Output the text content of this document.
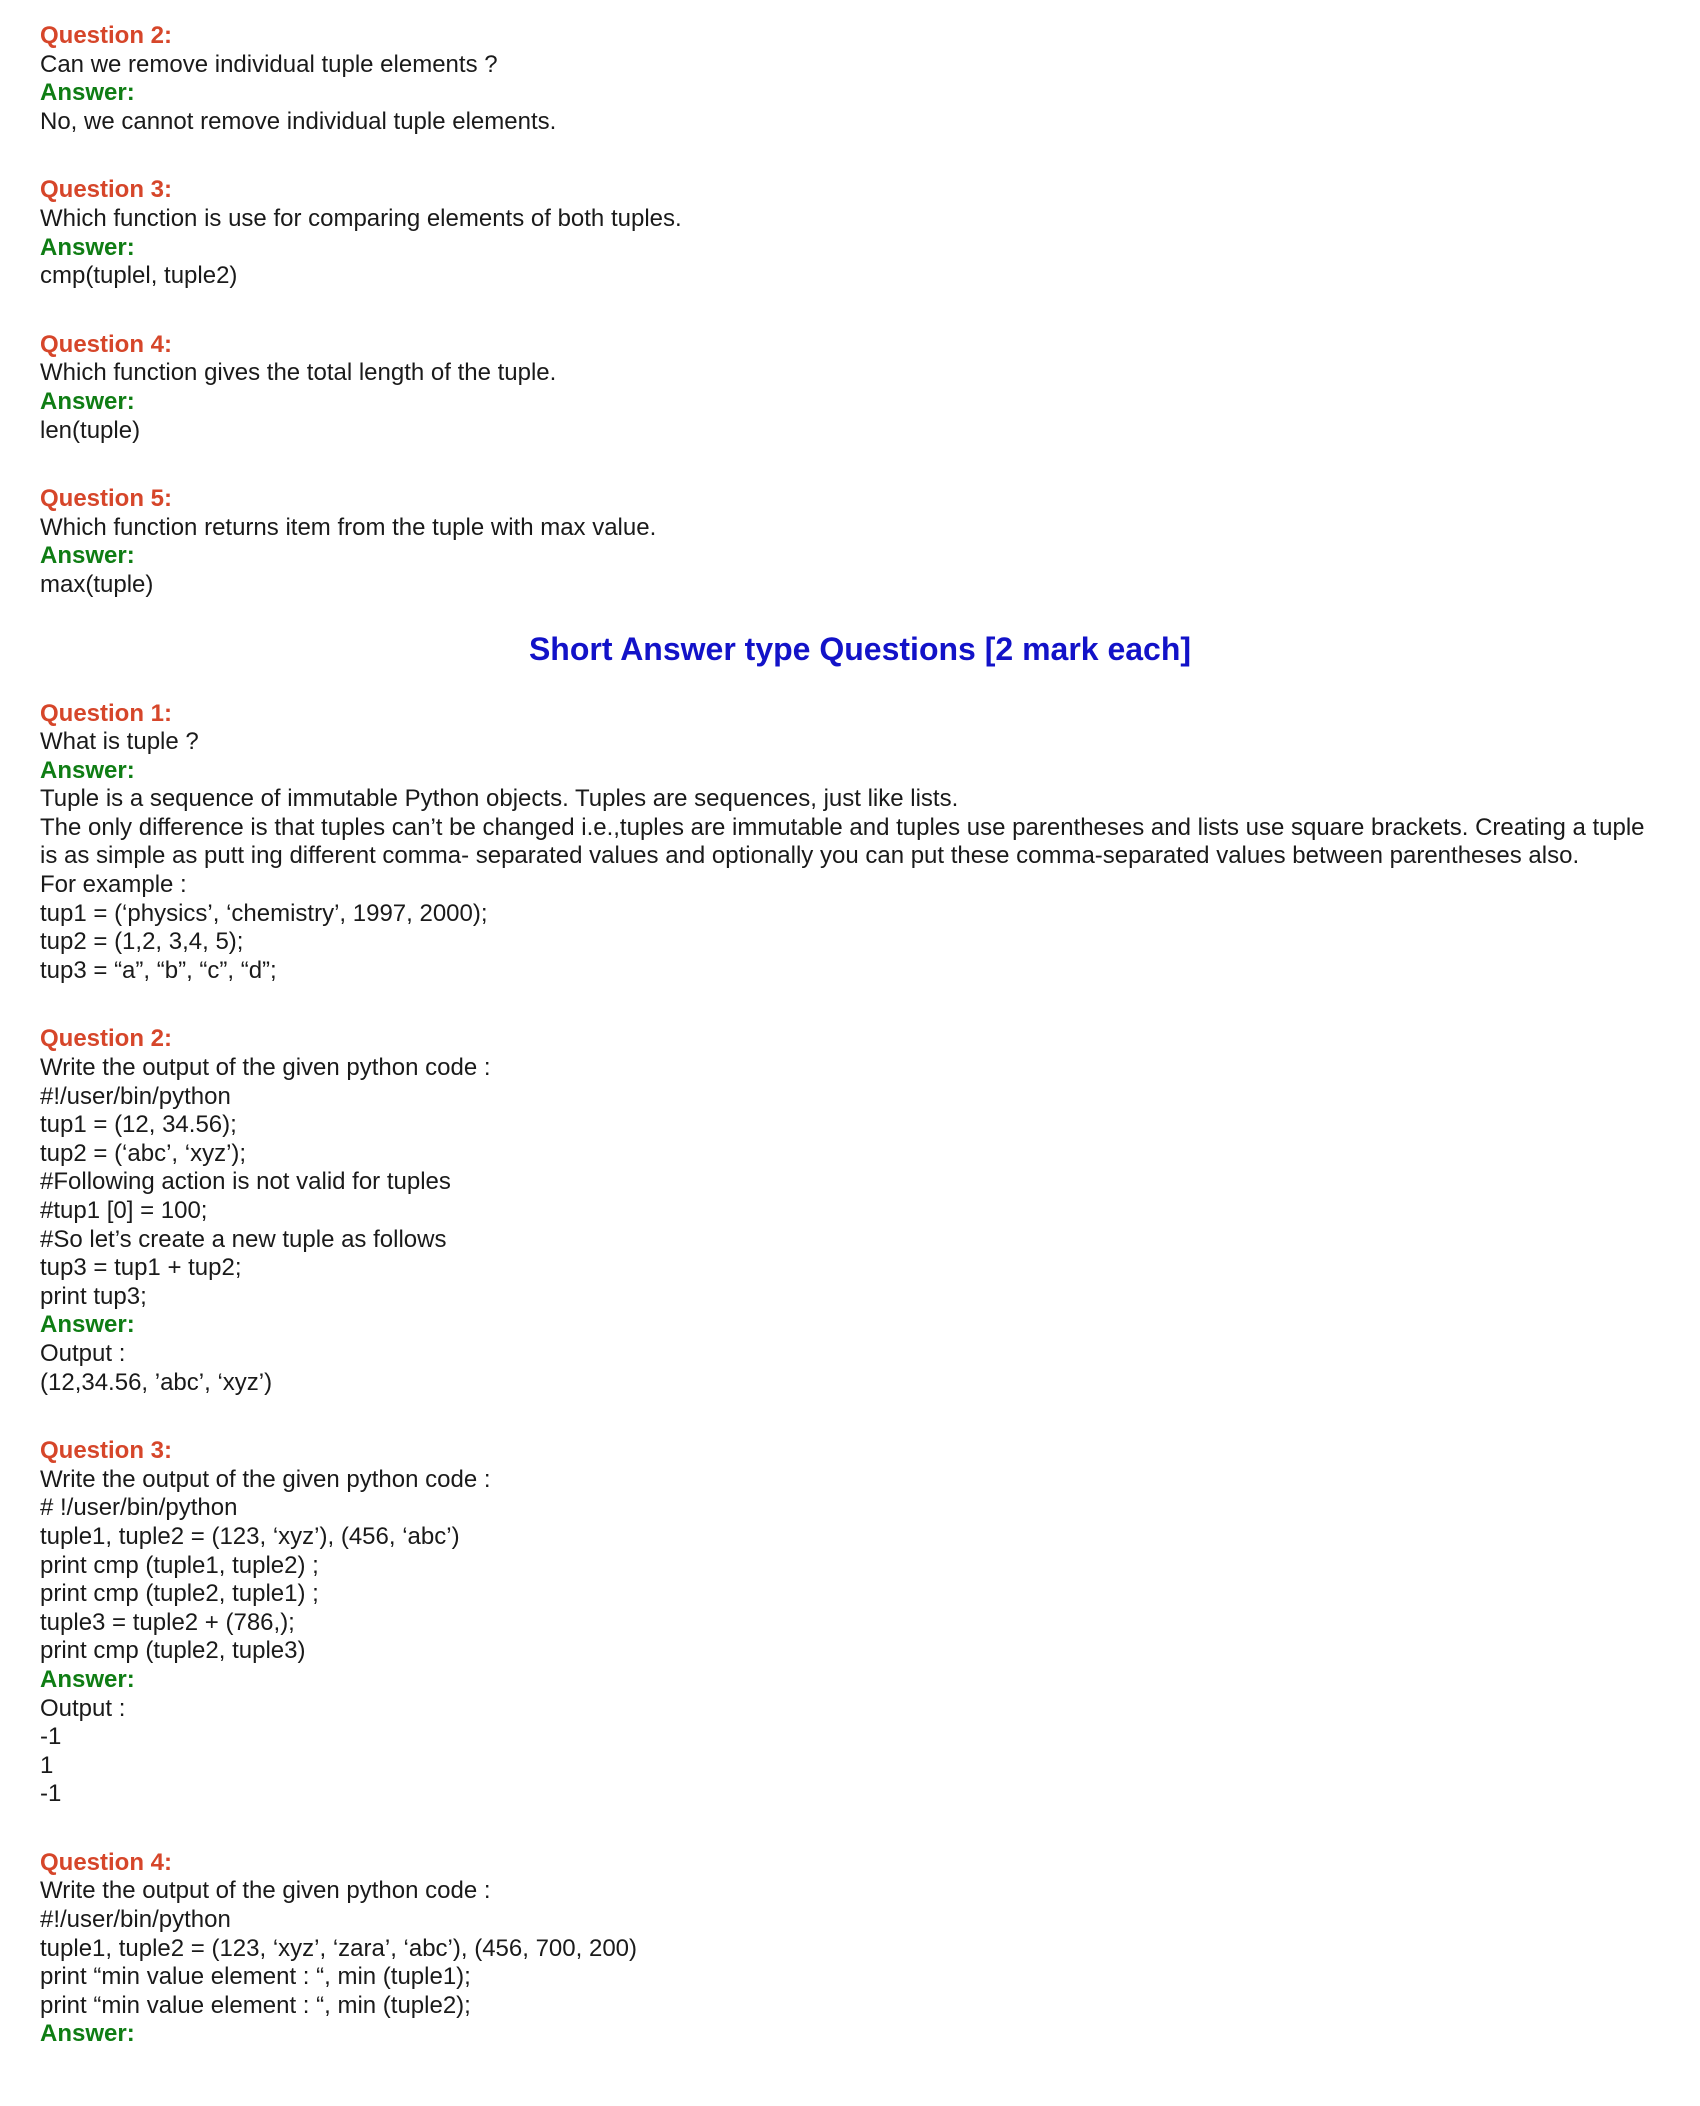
Question 2:
Can we remove individual tuple elements ?
Answer:
No, we cannot remove individual tuple elements.
Question 3:
Which function is use for comparing elements of both tuples.
Answer:
cmp(tuplel, tuple2)
Question 4:
Which function gives the total length of the tuple.
Answer:
len(tuple)
Question 5:
Which function returns item from the tuple with max value.
Answer:
max(tuple)
Short Answer type Questions [2 mark each]
Question 1:
What is tuple ?
Answer:
Tuple is a sequence of immutable Python objects. Tuples are sequences, just like lists.
The only difference is that tuples can’t be changed i.e.,tuples are immutable and tuples use parentheses and lists use square brackets. Creating a tuple is as simple as putt ing different comma- separated values and optionally you can put these comma-separated values between parentheses also.
For example :
tup1 = (‘physics’, ‘chemistry’, 1997, 2000);
tup2 = (1,2, 3,4, 5);
tup3 = “a”, “b”, “c”, “d”;
Question 2:
Write the output of the given python code :
#!/user/bin/python
tup1 = (12, 34.56);
tup2 = (‘abc’, ‘xyz’);
#Following action is not valid for tuples
#tup1 [0] = 100;
#So let’s create a new tuple as follows
tup3 = tup1 + tup2;
print tup3;
Answer:
Output :
(12,34.56, ’abc’, ‘xyz’)
Question 3:
Write the output of the given python code :
# !/user/bin/python
tuple1, tuple2 = (123, ‘xyz’), (456, ‘abc’)
print cmp (tuple1, tuple2) ;
print cmp (tuple2, tuple1) ;
tuple3 = tuple2 + (786,);
print cmp (tuple2, tuple3)
Answer:
Output :
-1
1
-1
Question 4:
Write the output of the given python code :
#!/user/bin/python
tuple1, tuple2 = (123, ‘xyz’, ‘zara’, ‘abc’), (456, 700, 200)
print “min value element : “, min (tuple1);
print “min value element : “, min (tuple2);
Answer:
